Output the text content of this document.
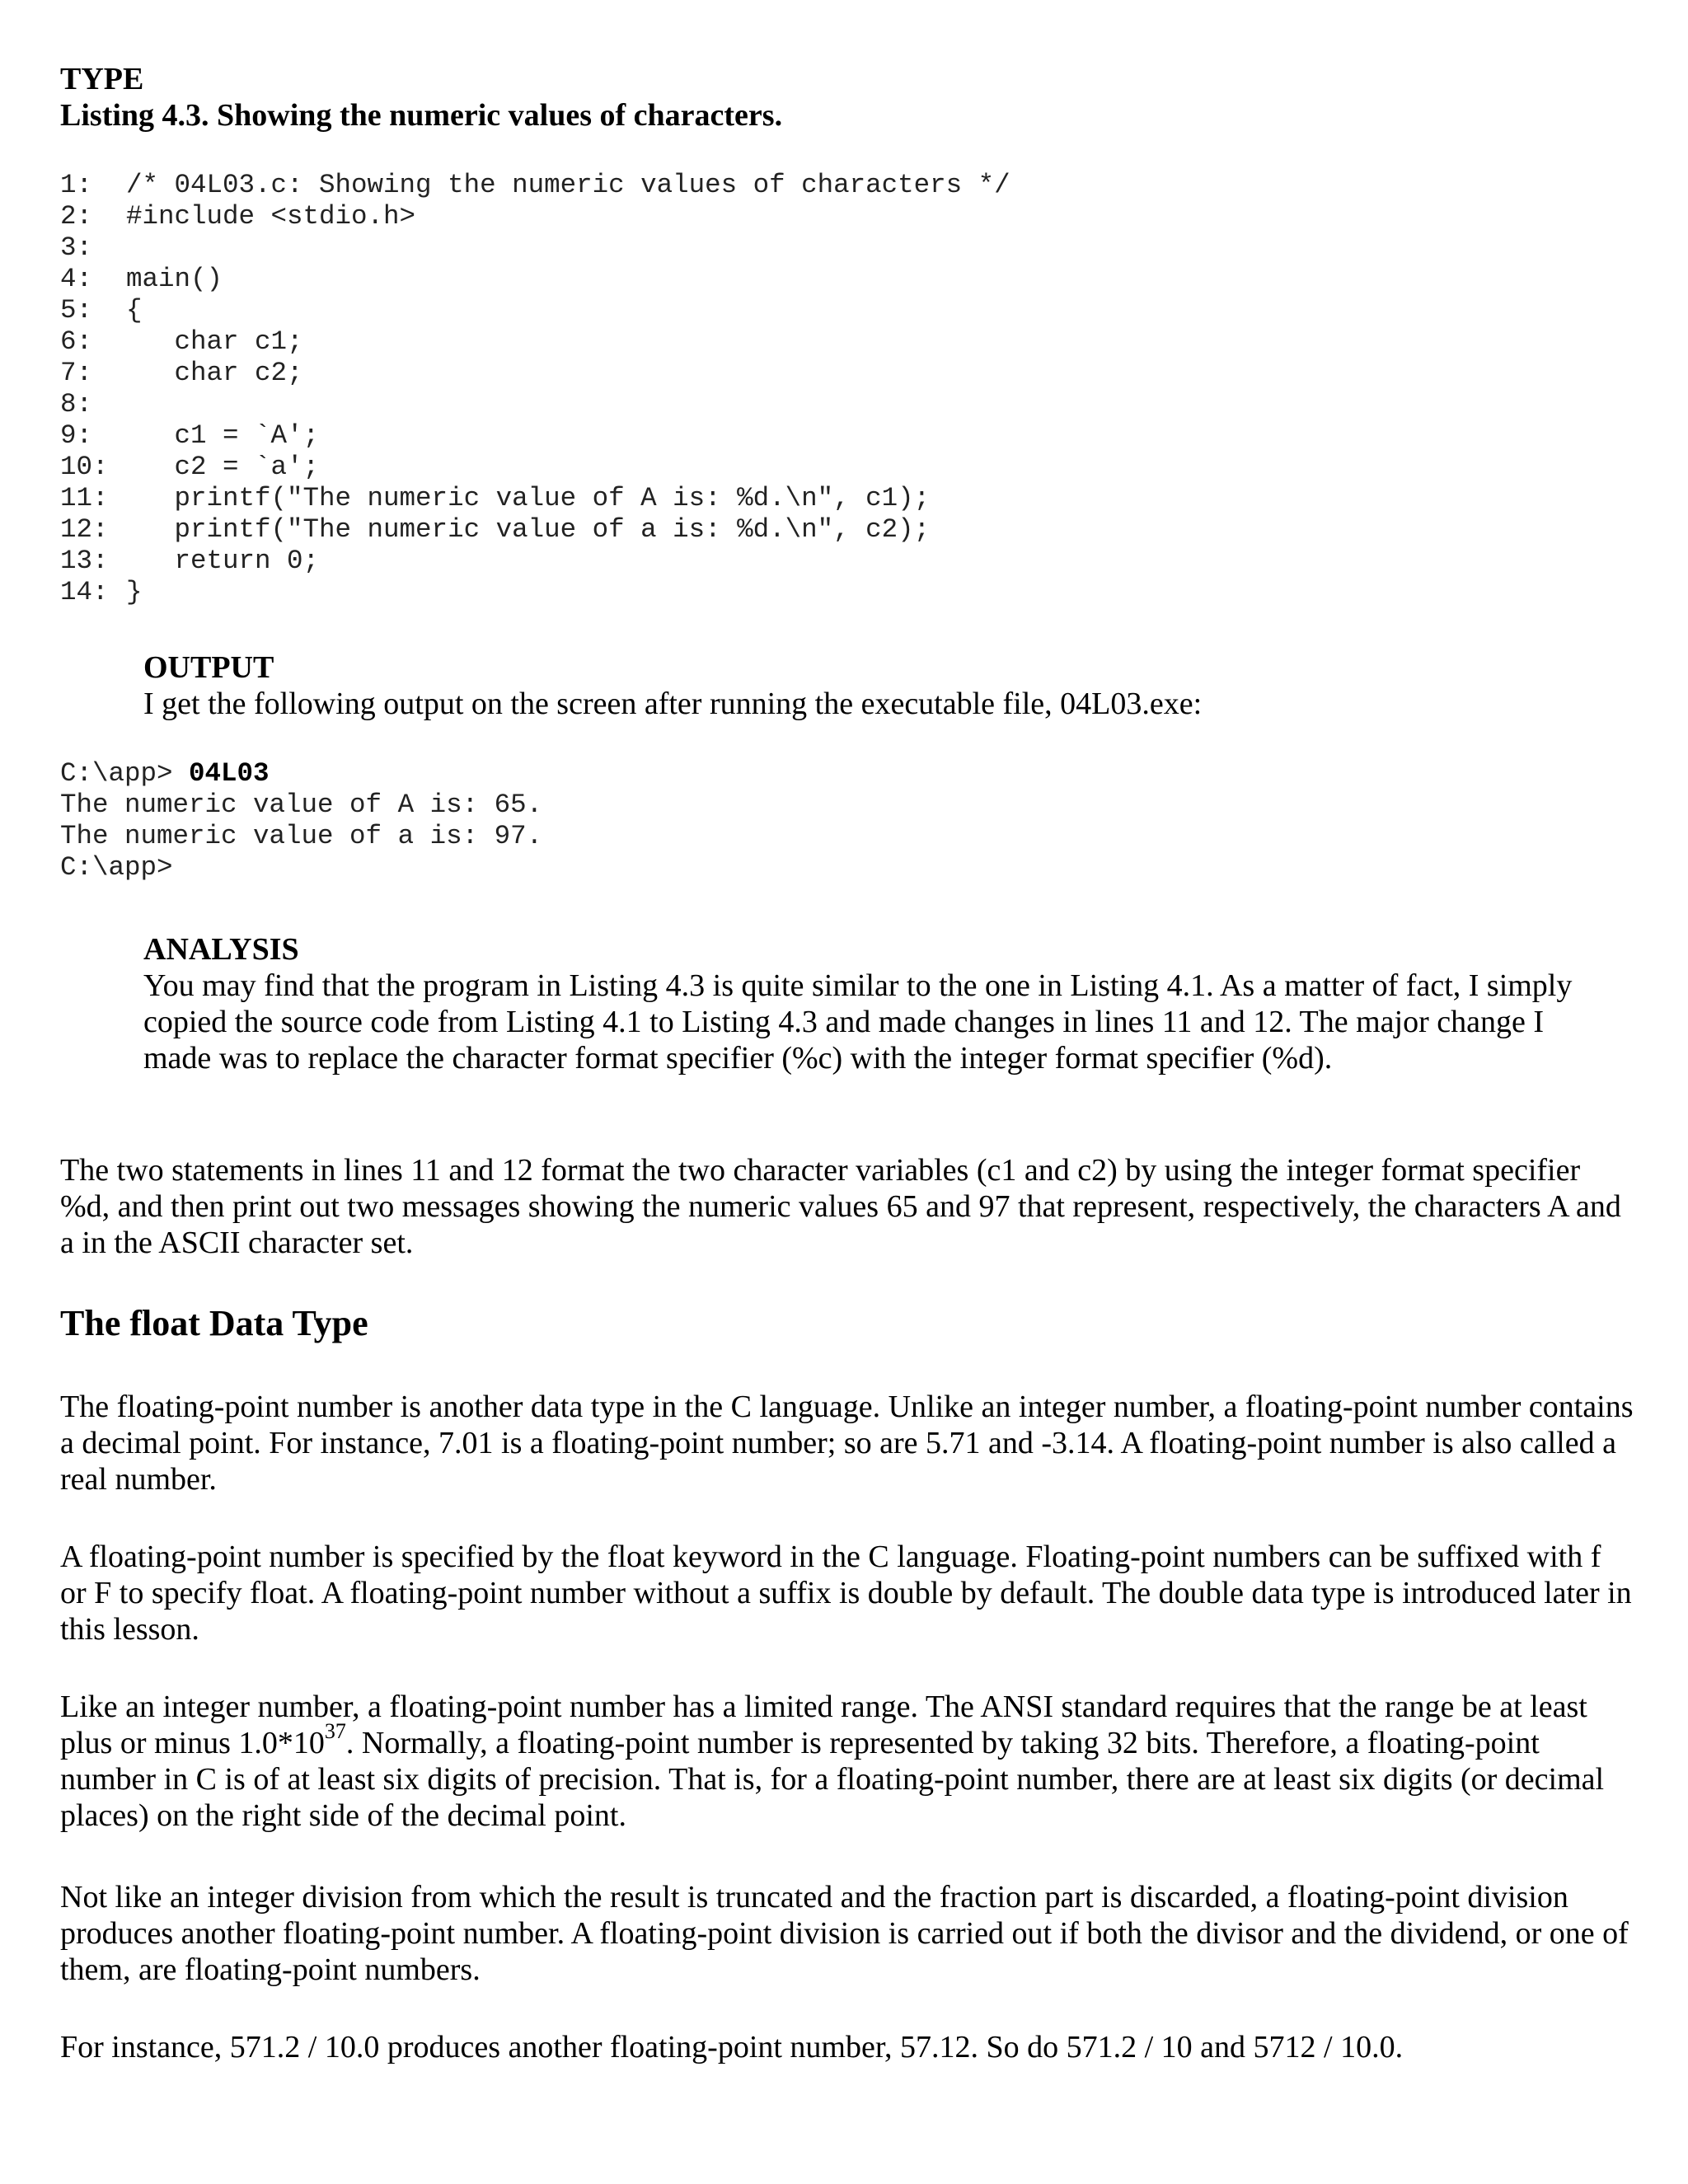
TYPE
Listing 4.3. Showing the numeric values of characters.
1:	/* 04L03.c: Showing the numeric values of characters */
2:	#include <stdio.h>
3:
4:	main()
5:	{
6:	char c1;
7:	char c2;
8:
9:	c1 = `A';
10: c2 = `a';
11: printf("The numeric value of A is: %d.\n", c1);
12: printf("The numeric value of a is: %d.\n", c2);
13: return 0;
14: }
OUTPUT
I get the following output on the screen after running the executable file, 04L03.exe:
C:\app> 04L03
The numeric value of A is: 65.
The numeric value of a is: 97.
C:\app>
ANALYSIS
You may find that the program in Listing 4.3 is quite similar to the one in Listing 4.1. As a matter of fact, I simply copied the source code from Listing 4.1 to Listing 4.3 and made changes in lines 11 and 12. The major change I made was to replace the character format specifier (%c) with the integer format specifier (%d).
The two statements in lines 11 and 12 format the two character variables (c1 and c2) by using the integer format specifier %d, and then print out two messages showing the numeric values 65 and 97 that represent, respectively, the characters A and a in the ASCII character set.
The float Data Type
The floating-point number is another data type in the C language. Unlike an integer number, a floating-point number contains a decimal point. For instance, 7.01 is a floating-point number; so are 5.71 and -3.14. A floating-point number is also called a real number.
A floating-point number is specified by the float keyword in the C language. Floating-point numbers can be suffixed with f or F to specify float. A floating-point number without a suffix is double by default. The double data type is introduced later in this lesson.
Like an integer number, a floating-point number has a limited range. The ANSI standard requires that the range be at least plus or minus $1.0*10^{37}$. Normally, a floating-point number is represented by taking 32 bits. Therefore, a floating-point number in C is of at least six digits of precision. That is, for a floating-point number, there are at least six digits (or decimal places) on the right side of the decimal point.
Not like an integer division from which the result is truncated and the fraction part is discarded, a floating-point division produces another floating-point number. A floating-point division is carried out if both the divisor and the dividend, or one of them, are floating-point numbers.
For instance, 571.2 / 10.0 produces another floating-point number, 57.12. So do 571.2 / 10 and 5712 / 10.0.
